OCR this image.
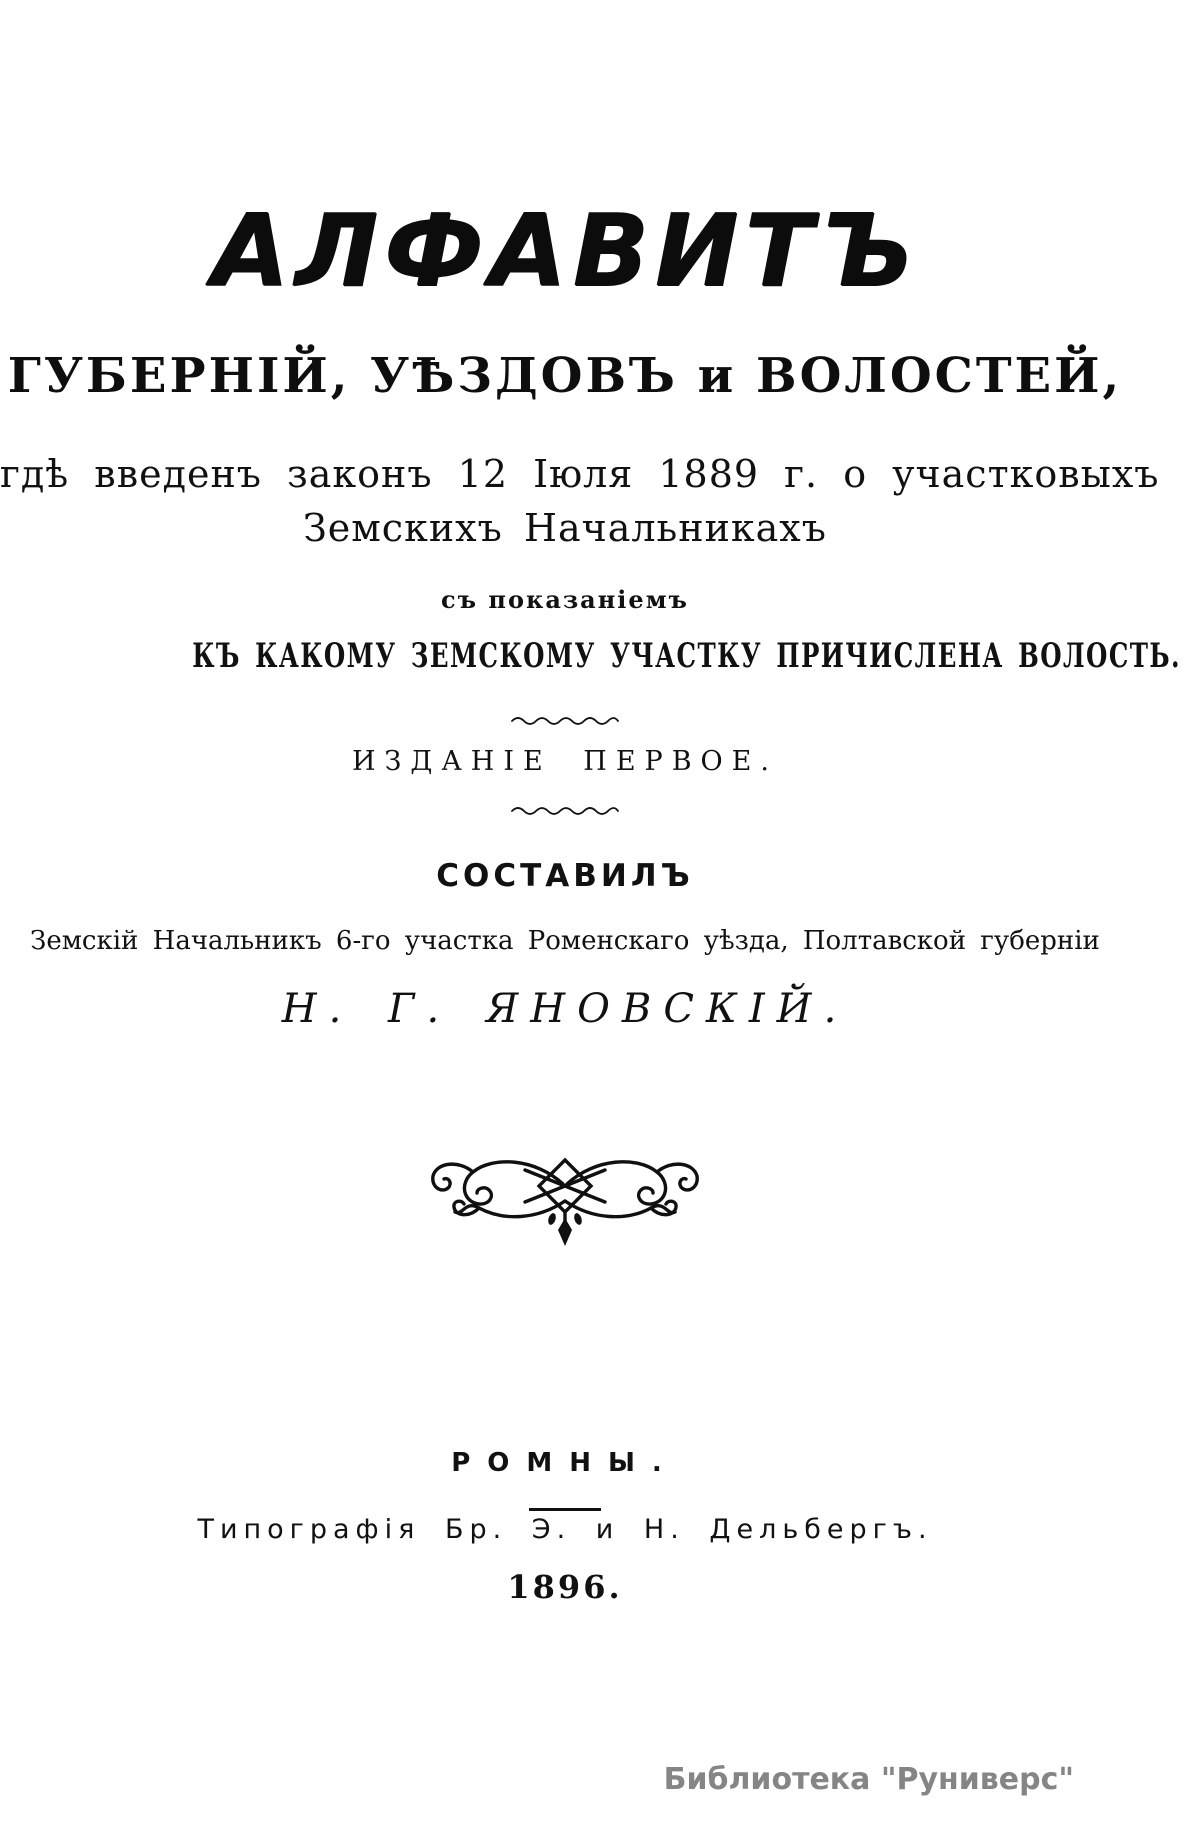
АЛФАВИТЪ
ГУБЕРНІЙ, УѢЗДОВЪ и ВОЛОСТЕЙ,
гдѣ введенъ законъ 12 Іюля 1889 г. о участковыхъ
Земскихъ Начальникахъ
съ показаніемъ
КЪ КАКОМУ ЗЕМСКОМУ УЧАСТКУ ПРИЧИСЛЕНА ВОЛОСТЬ.
ИЗДАНІЕ ПЕРВОЕ.
СОСТАВИЛЪ
Земскій Начальникъ 6-го участка Роменскаго уѣзда, Полтавской губерніи
Н. Г. ЯНОВСКІЙ.
РОМНЫ.
Типографія Бр. Э. и Н. Дельбергъ.
1896.
Библиотека "Руниверс"
